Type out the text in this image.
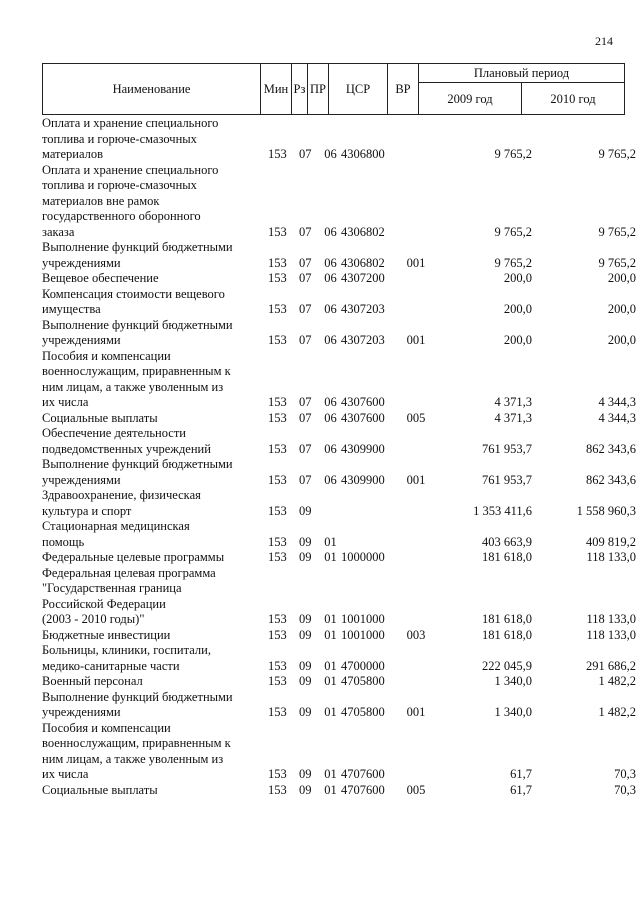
214
Наименование	Мин	Рз	ПР	ЦСР	ВР	Плановый период	
						2009 год	2010 год
Оплата и хранение специального
топлива и горюче-смазочных
материалов	153	07	06	4306800		9 765,2	9 765,2
Оплата и хранение специального
топлива и горюче-смазочных
материалов вне рамок
государственного оборонного
заказа	153	07	06	4306802		9 765,2	9 765,2
Выполнение функций бюджетными
учреждениями	153	07	06	4306802	001	9 765,2	9 765,2
Вещевое обеспечение	153	07	06	4307200		200,0	200,0
Компенсация стоимости вещевого
имущества	153	07	06	4307203		200,0	200,0
Выполнение функций бюджетными
учреждениями	153	07	06	4307203	001	200,0	200,0
Пособия и компенсации
военнослужащим, приравненным к
ним лицам, а также уволенным из
их числа	153	07	06	4307600		4 371,3	4 344,3
Социальные выплаты	153	07	06	4307600	005	4 371,3	4 344,3
Обеспечение деятельности
подведомственных учреждений	153	07	06	4309900		761 953,7	862 343,6
Выполнение функций бюджетными
учреждениями	153	07	06	4309900	001	761 953,7	862 343,6
Здравоохранение, физическая
культура и спорт	153	09				1 353 411,6	1 558 960,3
Стационарная медицинская
помощь	153	09	01			403 663,9	409 819,2
Федеральные целевые программы	153	09	01	1000000		181 618,0	118 133,0
Федеральная целевая программа
"Государственная граница
Российской Федерации
(2003 - 2010 годы)"	153	09	01	1001000		181 618,0	118 133,0
Бюджетные инвестиции	153	09	01	1001000	003	181 618,0	118 133,0
Больницы, клиники, госпитали,
медико-санитарные части	153	09	01	4700000		222 045,9	291 686,2
Военный персонал	153	09	01	4705800		1 340,0	1 482,2
Выполнение функций бюджетными
учреждениями	153	09	01	4705800	001	1 340,0	1 482,2
Пособия и компенсации
военнослужащим, приравненным к
ним лицам, а также уволенным из
их числа	153	09	01	4707600		61,7	70,3
Социальные выплаты	153	09	01	4707600	005	61,7	70,3
